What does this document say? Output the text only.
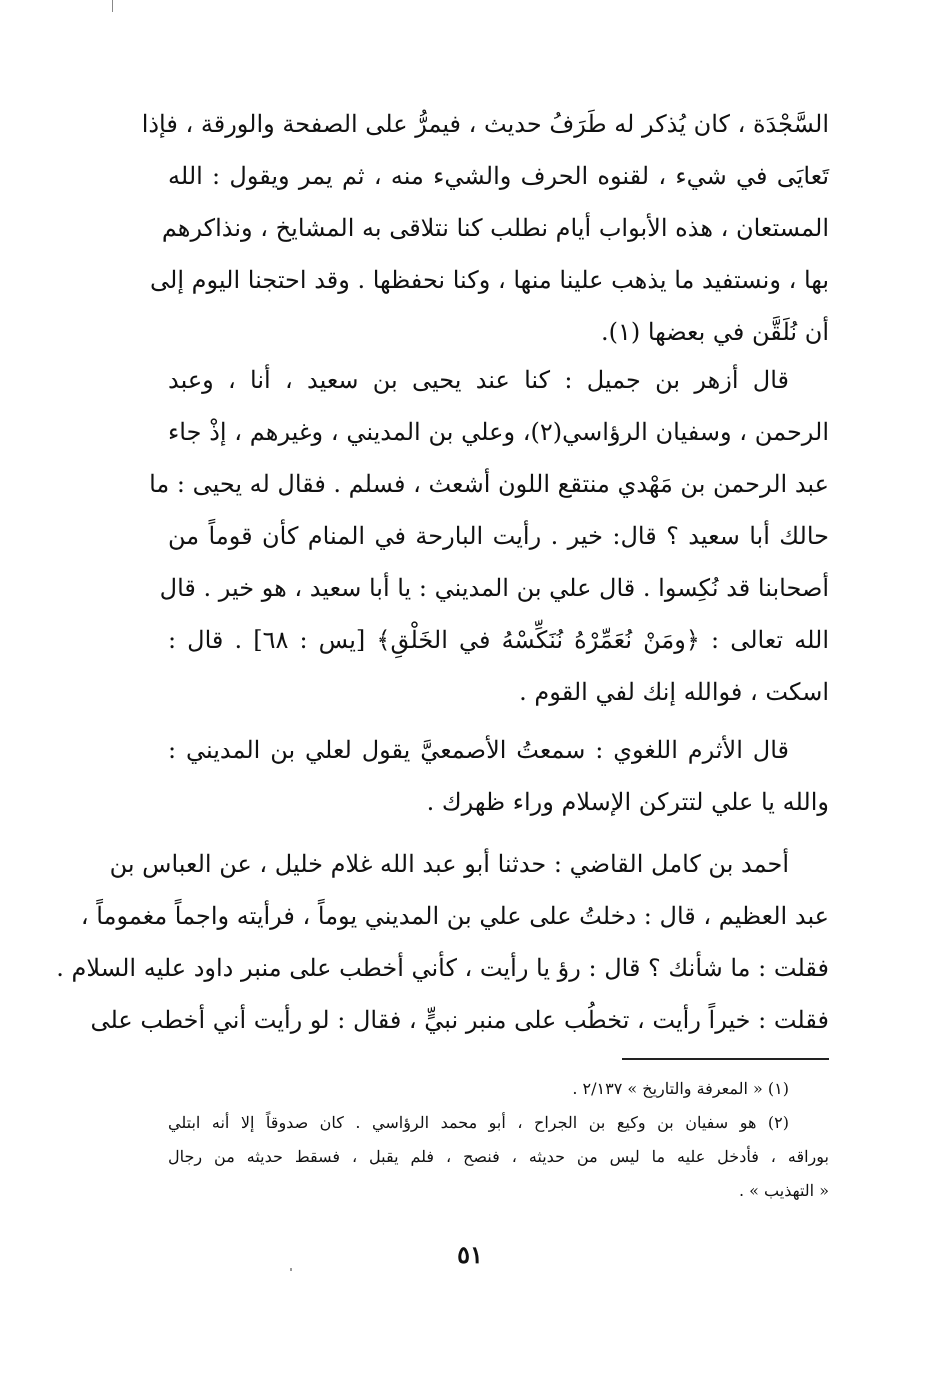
السَّجْدَة ، كان يُذكر له طَرَفُ حديث ، فيمرُّ على الصفحة والورقة ، فإذا
تَعايَى في شيء ، لقنوه الحرف والشيء منه ، ثم يمر ويقول : الله
المستعان ، هذه الأبواب أيام نطلب كنا نتلاقى به المشايخ ، ونذاكرهم
بها ، ونستفيد ما يذهب علينا منها ، وكنا نحفظها . وقد احتجنا اليوم إلى
أن نُلَقَّن في بعضها (١).

قال أزهر بن جميل : كنا عند يحيى بن سعيد ، أنا ، وعبد
الرحمن ، وسفيان الرؤاسي(٢)، وعلي بن المديني ، وغيرهم ، إذْ جاء
عبد الرحمن بن مَهْدي منتقع اللون أشعث ، فسلم . فقال له يحيى : ما
حالك أبا سعيد ؟ قال: خير . رأيت البارحة في المنام كأن قوماً من
أصحابنا قد نُكِسوا . قال علي بن المديني : يا أبا سعيد ، هو خير . قال
الله تعالى : ﴿ومَنْ نُعَمِّرْهُ نُنَكِّسْهُ في الخَلْقِ﴾ [يس : ٦٨] . قال :
اسكت ، فوالله إنك لفي القوم .

قال الأثرم اللغوي : سمعتُ الأصمعيَّ يقول لعلي بن المديني :
والله يا علي لتتركن الإسلام وراء ظهرك .

أحمد بن كامل القاضي : حدثنا أبو عبد الله غلام خليل ، عن العباس بن
عبد العظيم ، قال : دخلتُ على علي بن المديني يوماً ، فرأيته واجماً مغموماً ،
فقلت : ما شأنك ؟ قال : رؤ يا رأيت ، كأني أخطب على منبر داود عليه السلام .
فقلت : خيراً رأيت ، تخطُب على منبر نبيٍّ ، فقال : لو رأيت أني أخطب على

(١) « المعرفة والتاريخ » ٢/١٣٧ .
(٢) هو سفيان بن وكيع بن الجراح ، أبو محمد الرؤاسي . كان صدوقاً إلا أنه ابتلي
بوراقه ، فأدخل عليه ما ليس من حديثه ، فنصح ، فلم يقبل ، فسقط حديثه من رجال
« التهذيب » .
٥١
